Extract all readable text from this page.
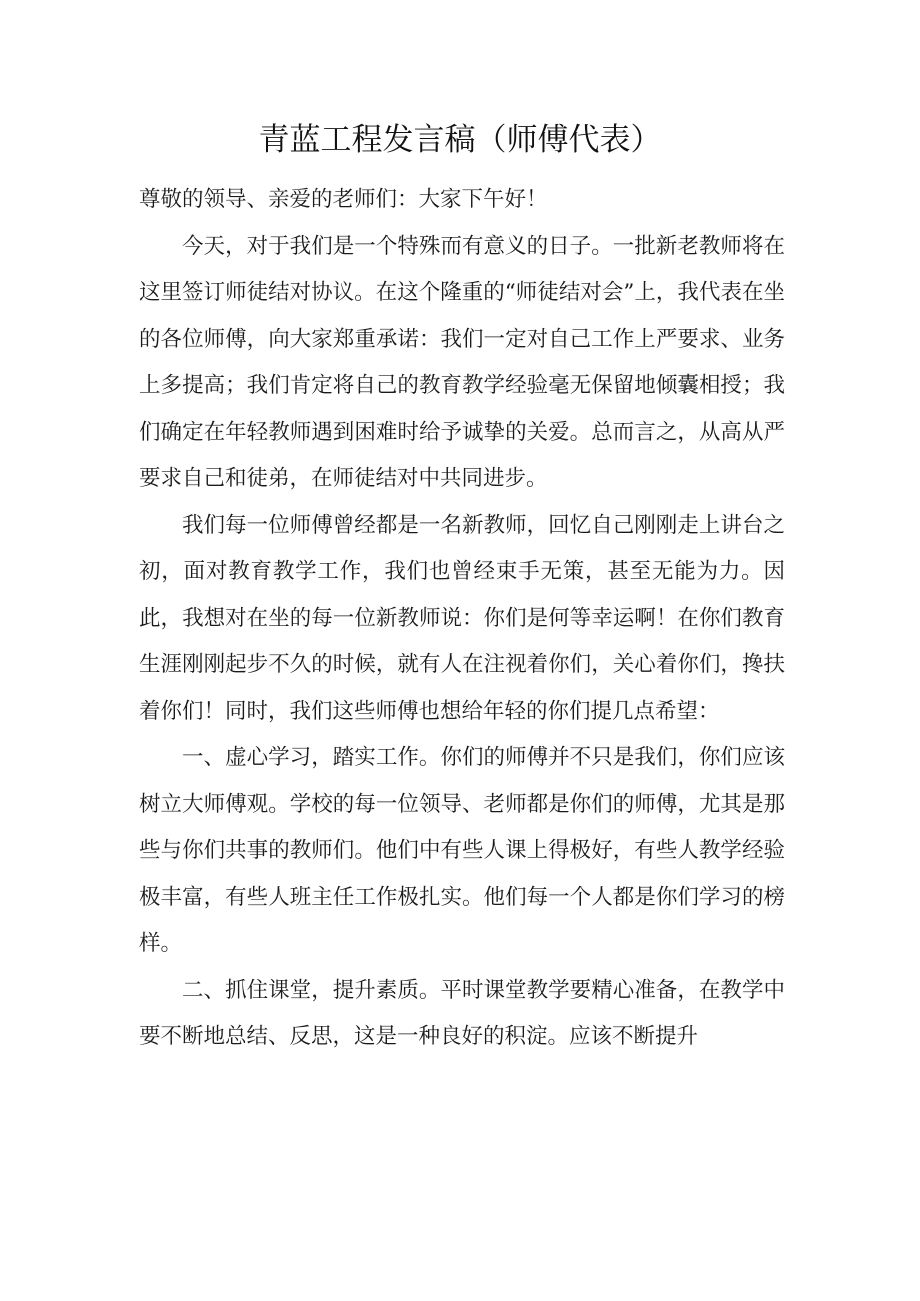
青蓝工程发言稿（师傅代表）

尊敬的领导、亲爱的老师们：大家下午好！

今天，对于我们是一个特殊而有意义的日子。一批新老教师将在这里签订师徒结对协议。在这个隆重的“师徒结对会”上，我代表在坐的各位师傅，向大家郑重承诺：我们一定对自己工作上严要求、业务上多提高；我们肯定将自己的教育教学经验毫无保留地倾囊相授；我们确定在年轻教师遇到困难时给予诚挚的关爱。总而言之，从高从严要求自己和徒弟，在师徒结对中共同进步。

我们每一位师傅曾经都是一名新教师，回忆自己刚刚走上讲台之初，面对教育教学工作，我们也曾经束手无策，甚至无能为力。因此，我想对在坐的每一位新教师说：你们是何等幸运啊！在你们教育生涯刚刚起步不久的时候，就有人在注视着你们，关心着你们，搀扶着你们！同时，我们这些师傅也想给年轻的你们提几点希望：

一、虚心学习，踏实工作。你们的师傅并不只是我们，你们应该树立大师傅观。学校的每一位领导、老师都是你们的师傅，尤其是那些与你们共事的教师们。他们中有些人课上得极好，有些人教学经验极丰富，有些人班主任工作极扎实。他们每一个人都是你们学习的榜样。

二、抓住课堂，提升素质。平时课堂教学要精心准备，在教学中要不断地总结、反思，这是一种良好的积淀。应该不断提升
